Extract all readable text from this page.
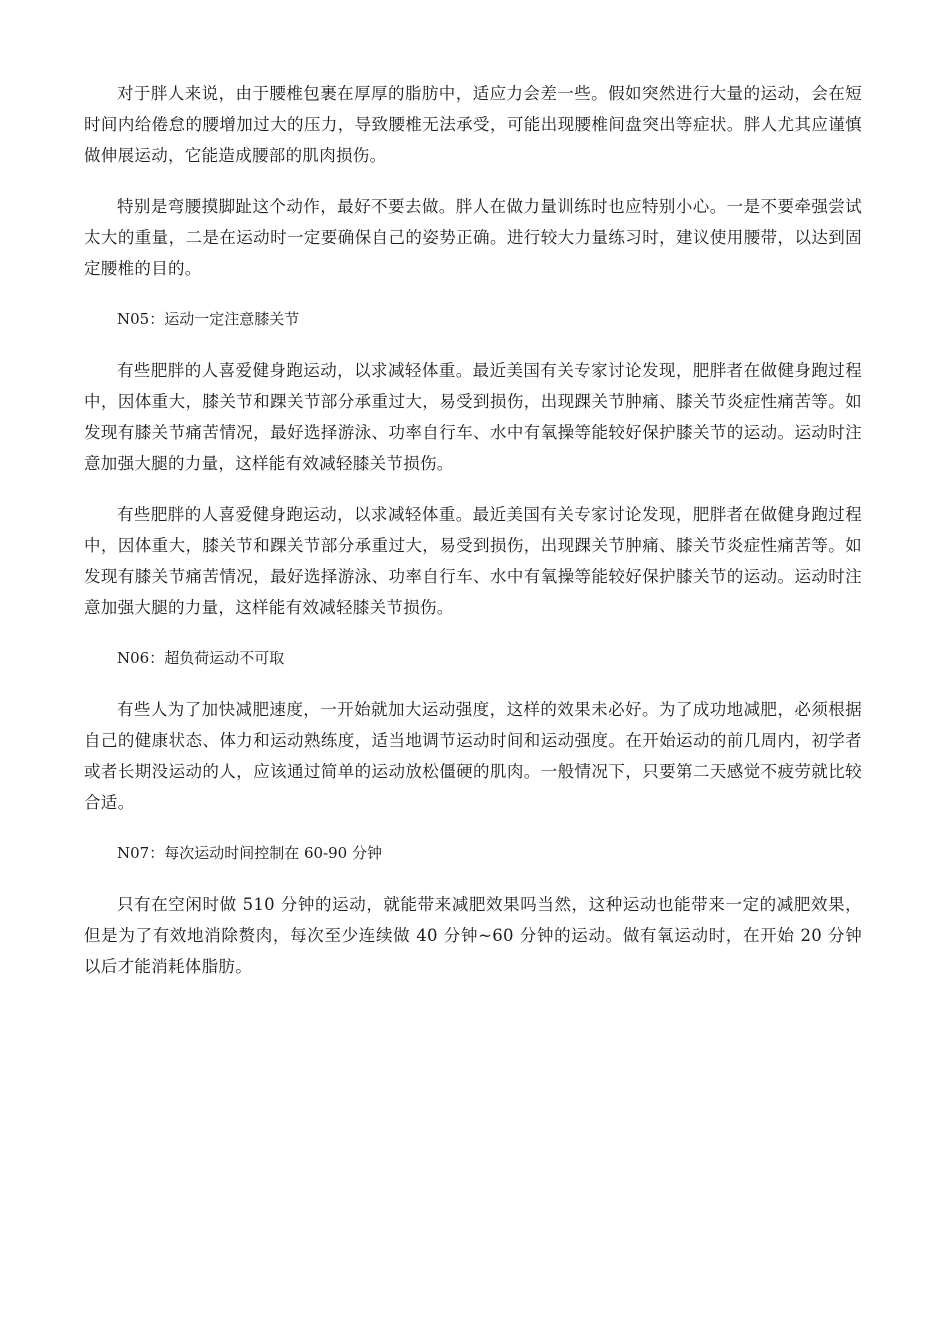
对于胖人来说，由于腰椎包裹在厚厚的脂肪中，适应力会差一些。假如突然进行大量的运动，会在短时间内给倦怠的腰增加过大的压力，导致腰椎无法承受，可能出现腰椎间盘突出等症状。胖人尤其应谨慎做伸展运动，它能造成腰部的肌肉损伤。

特别是弯腰摸脚趾这个动作，最好不要去做。胖人在做力量训练时也应特别小心。一是不要牵强尝试太大的重量，二是在运动时一定要确保自己的姿势正确。进行较大力量练习时，建议使用腰带，以达到固定腰椎的目的。

N05：运动一定注意膝关节

有些肥胖的人喜爱健身跑运动，以求减轻体重。最近美国有关专家讨论发现，肥胖者在做健身跑过程中，因体重大，膝关节和踝关节部分承重过大，易受到损伤，出现踝关节肿痛、膝关节炎症性痛苦等。如发现有膝关节痛苦情况，最好选择游泳、功率自行车、水中有氧操等能较好保护膝关节的运动。运动时注意加强大腿的力量，这样能有效减轻膝关节损伤。

有些肥胖的人喜爱健身跑运动，以求减轻体重。最近美国有关专家讨论发现，肥胖者在做健身跑过程中，因体重大，膝关节和踝关节部分承重过大，易受到损伤，出现踝关节肿痛、膝关节炎症性痛苦等。如发现有膝关节痛苦情况，最好选择游泳、功率自行车、水中有氧操等能较好保护膝关节的运动。运动时注意加强大腿的力量，这样能有效减轻膝关节损伤。

N06：超负荷运动不可取

有些人为了加快减肥速度，一开始就加大运动强度，这样的效果未必好。为了成功地减肥，必须根据自己的健康状态、体力和运动熟练度，适当地调节运动时间和运动强度。在开始运动的前几周内，初学者或者长期没运动的人，应该通过简单的运动放松僵硬的肌肉。一般情况下，只要第二天感觉不疲劳就比较合适。

N07：每次运动时间控制在 60-90 分钟

只有在空闲时做 510 分钟的运动，就能带来减肥效果吗当然，这种运动也能带来一定的减肥效果，但是为了有效地消除赘肉，每次至少连续做 40 分钟~60 分钟的运动。做有氧运动时，在开始 20 分钟以后才能消耗体脂肪。
